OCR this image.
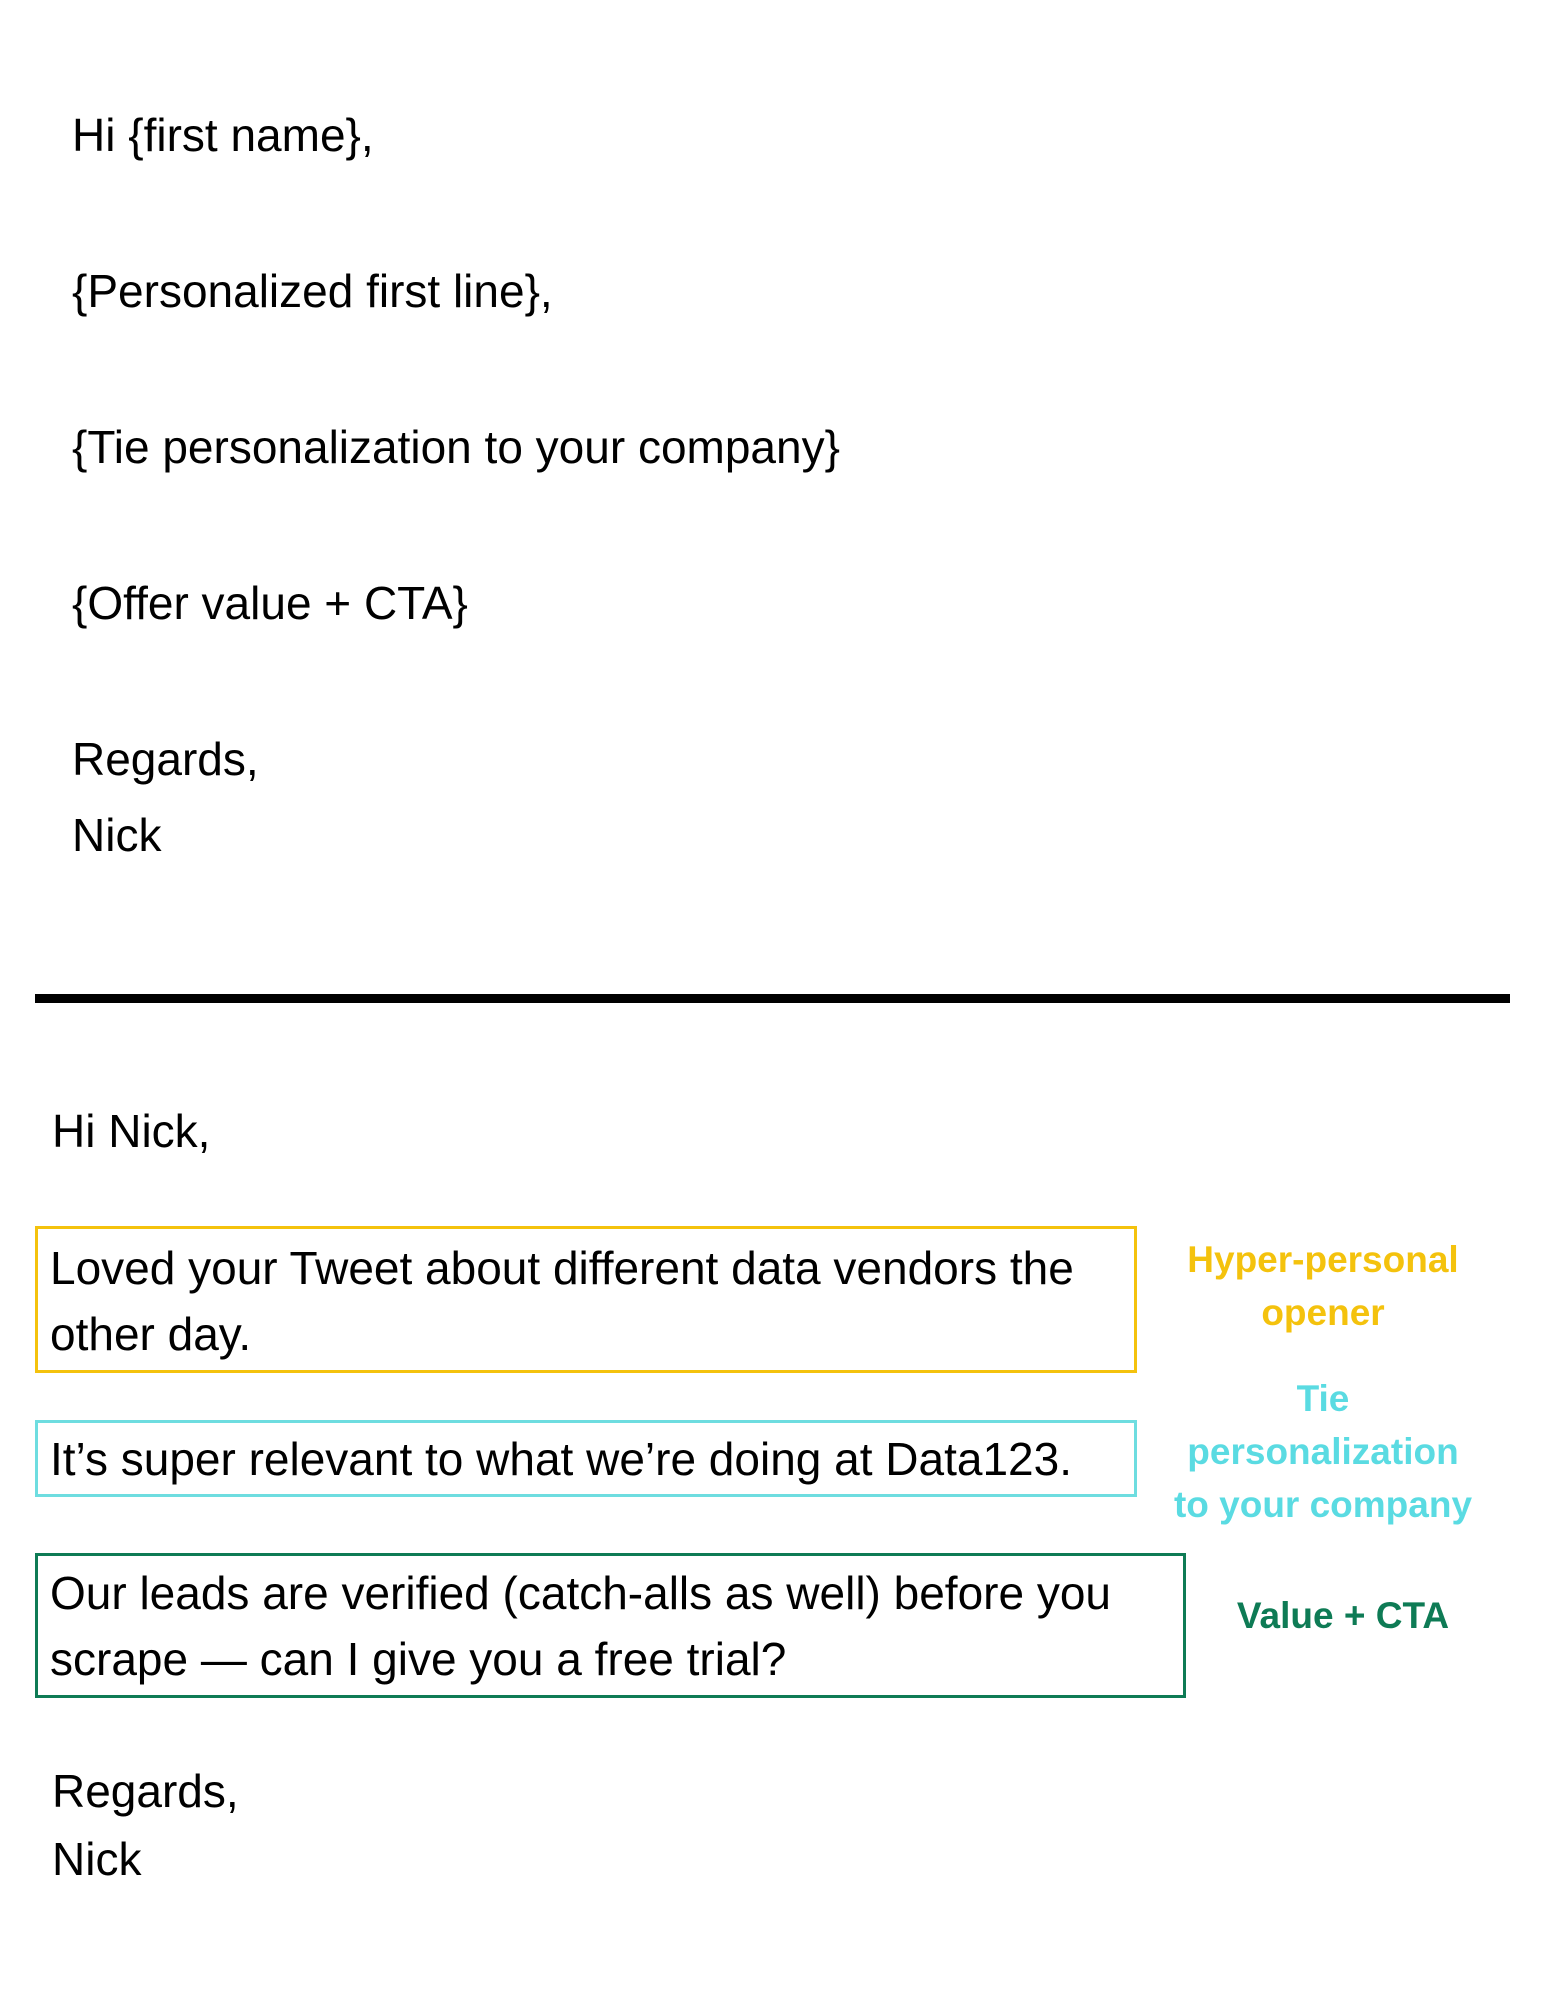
Hi {first name},
{Personalized first line},
{Tie personalization to your company}
{Offer value + CTA}
Regards,
Nick
Hi Nick,
Loved your Tweet about different data vendors the
other day.
Hyper-personal
opener
It’s super relevant to what we’re doing at Data123.
Tie
personalization
to your company
Our leads are verified (catch-alls as well) before you
scrape — can I give you a free trial?
Value + CTA
Regards,
Nick
